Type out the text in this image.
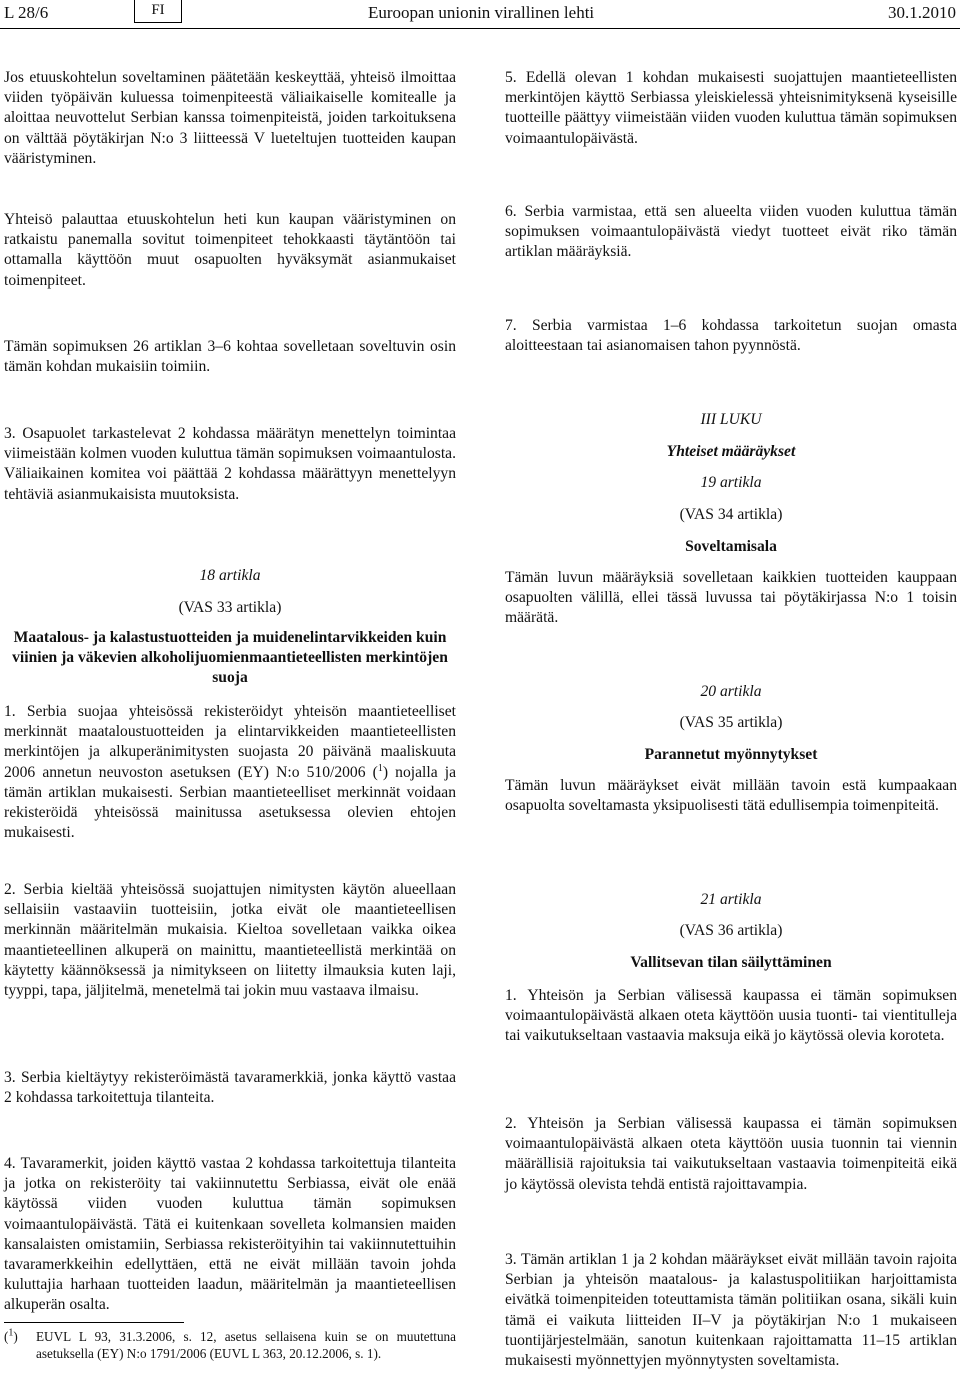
L 28/6	FI	Euroopan unionin virallinen lehti	30.1.2010

Jos etuuskohtelun soveltaminen päätetään keskeyttää, yhteisö ilmoittaa viiden työpäivän kuluessa toimenpiteestä väliaikaiselle komitealle ja aloittaa neuvottelut Serbian kanssa toimenpiteistä, joiden tarkoituksena on välttää pöytäkirjan N:o 3 liitteessä V lueteltujen tuotteiden kaupan vääristyminen.

Yhteisö palauttaa etuuskohtelun heti kun kaupan vääristyminen on ratkaistu panemalla sovitut toimenpiteet tehokkaasti täytäntöön tai ottamalla käyttöön muut osapuolten hyväksymät asianmukaiset toimenpiteet.

Tämän sopimuksen 26 artiklan 3–6 kohtaa sovelletaan soveltuvin osin tämän kohdan mukaisiin toimiin.

3. Osapuolet tarkastelevat 2 kohdassa määrätyn menettelyn toimintaa viimeistään kolmen vuoden kuluttua tämän sopimuksen voimaantulosta. Väliaikainen komitea voi päättää 2 kohdassa määrättyyn menettelyyn tehtäviä asianmukaisista muutoksista.

18 artikla
(VAS 33 artikla)
Maatalous- ja kalastustuotteiden ja muidenelintarvikkeiden kuin viinien ja väkevien alkoholijuomienmaantieteellisten merkintöjen suoja

1. Serbia suojaa yhteisössä rekisteröidyt yhteisön maantieteelliset merkinnät maataloustuotteiden ja elintarvikkeiden maantieteellisten merkintöjen ja alkuperänimitysten suojasta 20 päivänä maaliskuuta 2006 annetun neuvoston asetuksen (EY) N:o 510/2006 ($^1$) nojalla ja tämän artiklan mukaisesti. Serbian maantieteelliset merkinnät voidaan rekisteröidä yhteisössä mainitussa asetuksessa olevien ehtojen mukaisesti.

2. Serbia kieltää yhteisössä suojattujen nimitysten käytön alueellaan sellaisiin vastaaviin tuotteisiin, jotka eivät ole maantieteellisen merkinnän määritelmän mukaisia. Kieltoa sovelletaan vaikka oikea maantieteellinen alkuperä on mainittu, maantieteellistä merkintää on käytetty käännöksessä ja nimitykseen on liitetty ilmauksia kuten laji, tyyppi, tapa, jäljitelmä, menetelmä tai jokin muu vastaava ilmaisu.

3. Serbia kieltäytyy rekisteröimästä tavaramerkkiä, jonka käyttö vastaa 2 kohdassa tarkoitettuja tilanteita.

4. Tavaramerkit, joiden käyttö vastaa 2 kohdassa tarkoitettuja tilanteita ja jotka on rekisteröity tai vakiinnutettu Serbiassa, eivät ole enää käytössä viiden vuoden kuluttua tämän sopimuksen voimaantulopäivästä. Tätä ei kuitenkaan sovelleta kolmansien maiden kansalaisten omistamiin, Serbiassa rekisteröityihin tai vakiinnutettuihin tavaramerkkeihin edellyttäen, että ne eivät millään tavoin johda kuluttajia harhaan tuotteiden laadun, määritelmän ja maantieteellisen alkuperän osalta.

($^1$)	EUVL L 93, 31.3.2006, s. 12, asetus sellaisena kuin se on muutettuna asetuksella (EY) N:o 1791/2006 (EUVL L 363, 20.12.2006, s. 1).

5. Edellä olevan 1 kohdan mukaisesti suojattujen maantieteellisten merkintöjen käyttö Serbiassa yleiskielessä yhteisnimityksenä kyseisille tuotteille päättyy viimeistään viiden vuoden kuluttua tämän sopimuksen voimaantulopäivästä.

6. Serbia varmistaa, että sen alueelta viiden vuoden kuluttua tämän sopimuksen voimaantulopäivästä viedyt tuotteet eivät riko tämän artiklan määräyksiä.

7. Serbia varmistaa 1–6 kohdassa tarkoitetun suojan omasta aloitteestaan tai asianomaisen tahon pyynnöstä.

III LUKU
Yhteiset määräykset
19 artikla
(VAS 34 artikla)
Soveltamisala

Tämän luvun määräyksiä sovelletaan kaikkien tuotteiden kauppaan osapuolten välillä, ellei tässä luvussa tai pöytäkirjassa N:o 1 toisin määrätä.

20 artikla
(VAS 35 artikla)
Parannetut myönnytykset

Tämän luvun määräykset eivät millään tavoin estä kumpaakaan osapuolta soveltamasta yksipuolisesti tätä edullisempia toimenpiteitä.

21 artikla
(VAS 36 artikla)
Vallitsevan tilan säilyttäminen

1. Yhteisön ja Serbian välisessä kaupassa ei tämän sopimuksen voimaantulopäivästä alkaen oteta käyttöön uusia tuonti- tai vientitulleja tai vaikutukseltaan vastaavia maksuja eikä jo käytössä olevia koroteta.

2. Yhteisön ja Serbian välisessä kaupassa ei tämän sopimuksen voimaantulopäivästä alkaen oteta käyttöön uusia tuonnin tai viennin määrällisiä rajoituksia tai vaikutukseltaan vastaavia toimenpiteitä eikä jo käytössä olevista tehdä entistä rajoittavampia.

3. Tämän artiklan 1 ja 2 kohdan määräykset eivät millään tavoin rajoita Serbian ja yhteisön maatalous- ja kalastuspolitiikan harjoittamista eivätkä toimenpiteiden toteuttamista tämän politiikan osana, sikäli kuin tämä ei vaikuta liitteiden II–V ja pöytäkirjan N:o 1 mukaiseen tuontijärjestelmään, sanotun kuitenkaan rajoittamatta 11–15 artiklan mukaisesti myönnettyjen myönnytysten soveltamista.
